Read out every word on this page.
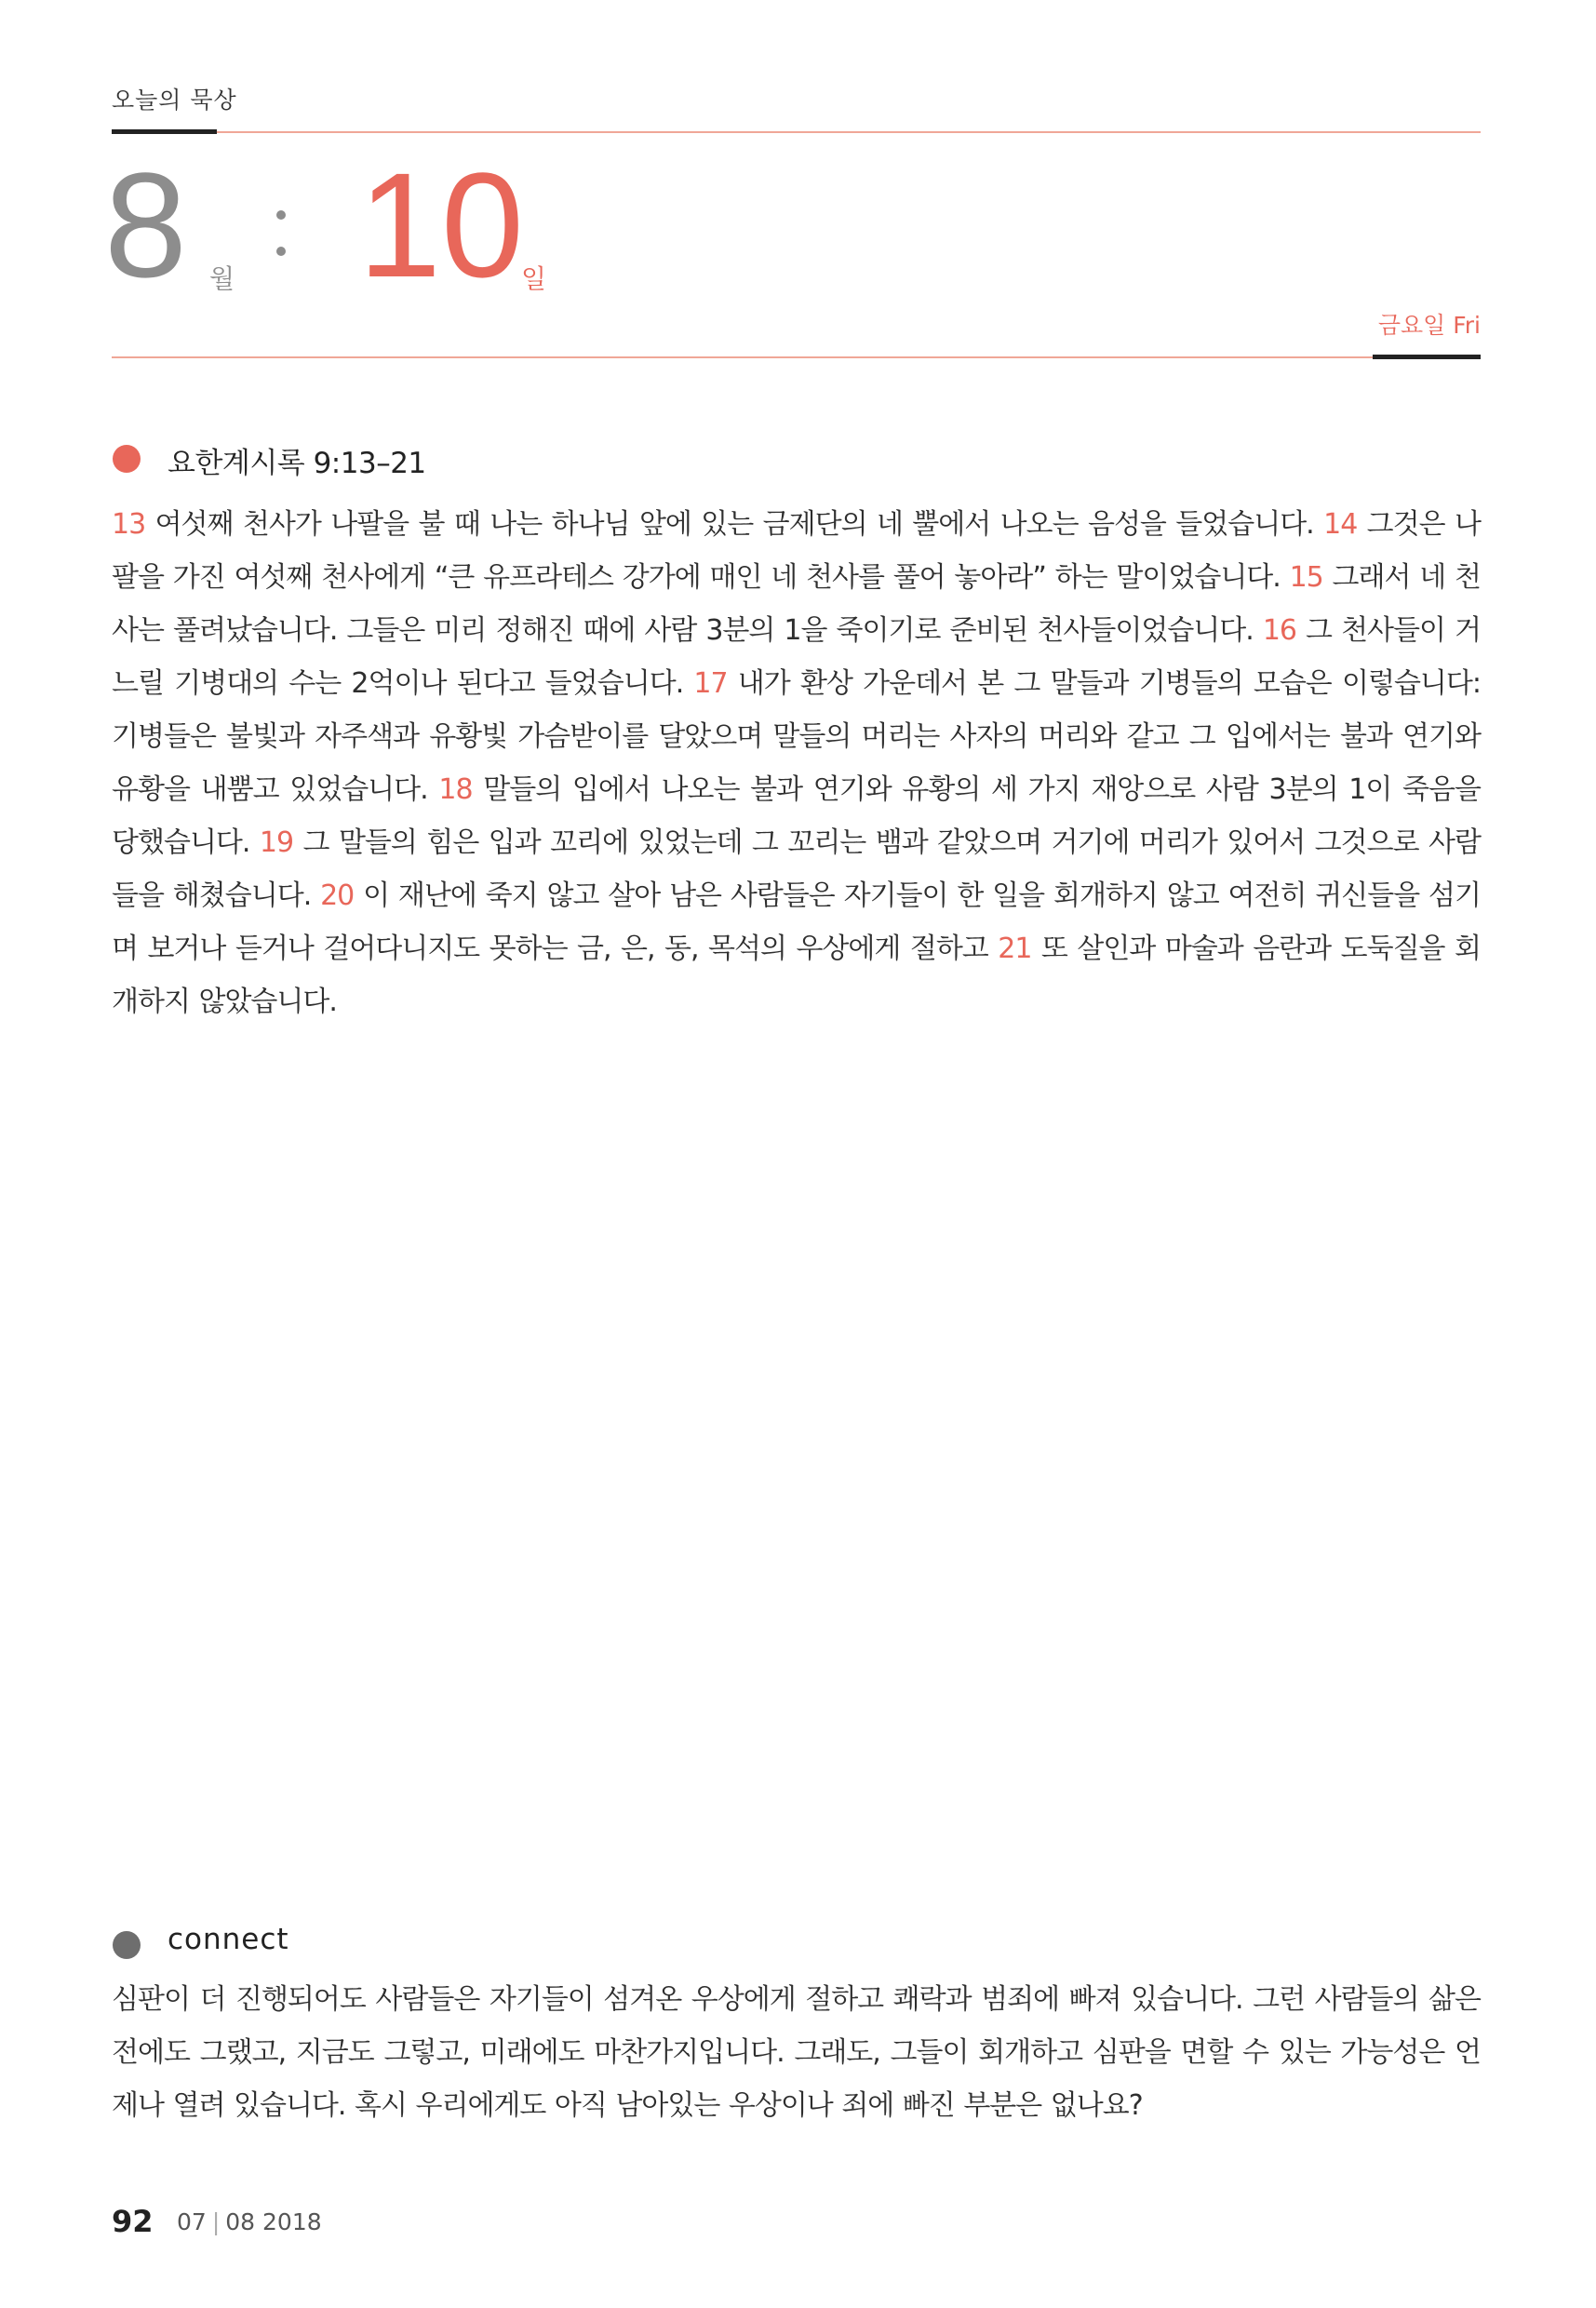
오늘의 묵상
8 월 10
일
금요일 Fri
요한계시록 9:13–21
13 여섯째 천사가 나팔을 불 때 나는 하나님 앞에 있는 금제단의 네 뿔에서 나오는 음성을 들었습니다. 14 그것은 나팔을 가진 여섯째 천사에게 “큰 유프라테스 강가에 매인 네 천사를 풀어 놓아라” 하는 말이었습니다. 15 그래서 네 천사는 풀려났습니다. 그들은 미리 정해진 때에 사람 3분의 1을 죽이기로 준비된 천사들이었습니다. 16 그 천사들이 거느릴 기병대의 수는 2억이나 된다고 들었습니다. 17 내가 환상 가운데서 본 그 말들과 기병들의 모습은 이렇습니다:기병들은 불빛과 자주색과 유황빛 가슴받이를 달았으며 말들의 머리는 사자의 머리와 같고 그 입에서는 불과 연기와 유황을 내뿜고 있었습니다. 18 말들의 입에서 나오는 불과 연기와 유황의 세 가지 재앙으로 사람 3분의 1이 죽음을 당했습니다. 19 그 말들의 힘은 입과 꼬리에 있었는데 그 꼬리는 뱀과 같았으며 거기에 머리가 있어서 그것으로 사람들을 해쳤습니다. 20 이 재난에 죽지 않고 살아 남은 사람들은 자기들이 한 일을 회개하지 않고 여전히 귀신들을 섬기며 보거나 듣거나 걸어다니지도 못하는 금, 은, 동, 목석의 우상에게 절하고 21 또 살인과 마술과 음란과 도둑질을 회개하지 않았습니다.
connect
심판이 더 진행되어도 사람들은 자기들이 섬겨온 우상에게 절하고 쾌락과 범죄에 빠져 있습니다. 그런 사람들의 삶은 전에도 그랬고, 지금도 그렇고, 미래에도 마찬가지입니다. 그래도, 그들이 회개하고 심판을 면할 수 있는 가능성은 언제나 열려 있습니다. 혹시 우리에게도 아직 남아있는 우상이나 죄에 빠진 부분은 없나요?
92 07 | 08 2018
